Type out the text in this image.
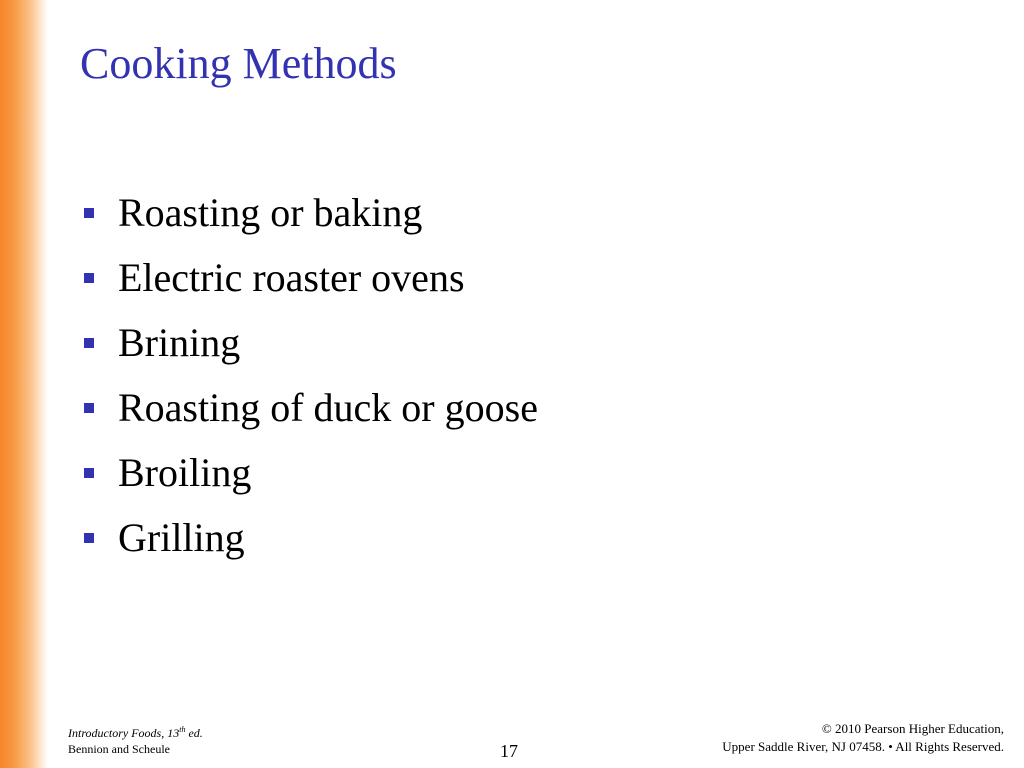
Cooking Methods
Roasting or baking
Electric roaster ovens
Brining
Roasting of duck or goose
Broiling
Grilling
Introductory Foods, 13th ed.
Bennion and Scheule	17
© 2010 Pearson Higher Education,
Upper Saddle River, NJ 07458. • All Rights Reserved.
